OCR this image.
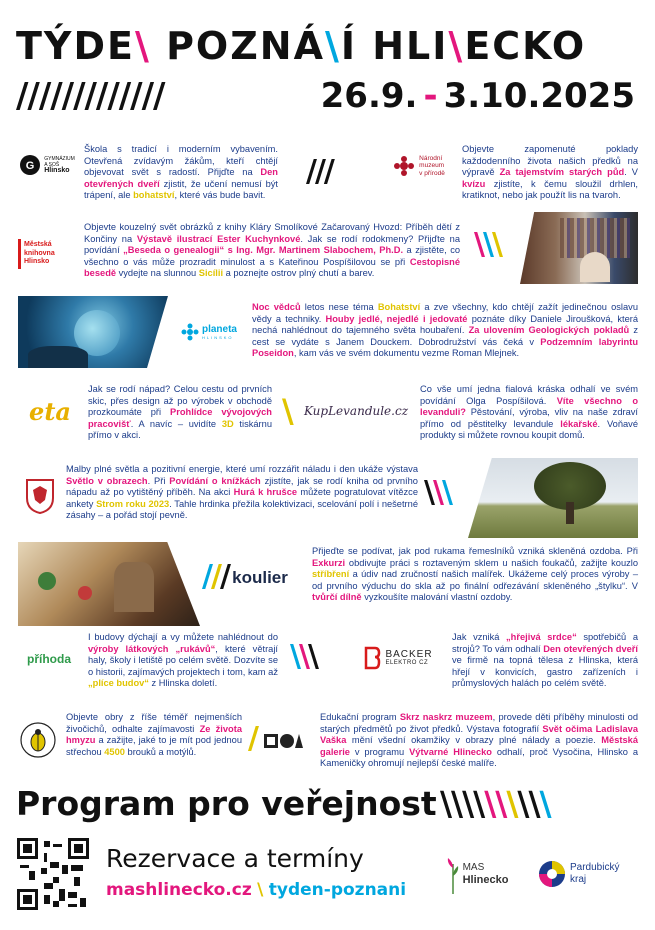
TÝDE\ POZNÁ\Í HLI\ECKO
/////////////	26.9. - 3.10.2025
G
GYMNÁZIUM
A SOŠ
Hlinsko
Škola s tradicí i moderním vybavením. Otevřená zvídavým žákům, kteří chtějí objevovat svět s radostí. Přijďte na Den otevřených dveří zjistit, že učení nemusí být trápení, ale bohatství, které vás bude bavit.
///	Národní
muzeum
v přírodě
Objevte zapomenuté poklady každodenního života našich předků na výpravě Za tajemstvím starých půd. V kvízu zjistíte, k čemu sloužil drhlen, kratiknot, nebo jak použít lis na tvaroh.
Městská
knihovna
Hlinsko
Objevte kouzelný svět obrázků z knihy Kláry Smolíkové Začarovaný Hvozd: Příběh dětí z Končiny na Výstavě ilustrací Ester Kuchynkové. Jak se rodí rodokmeny? Přijďte na povídání „Beseda o genealogii“ s Ing. Mgr. Martinem Slabochem, Ph.D. a zjistěte, co všechno o vás může prozradit minulost a s Kateřinou Pospíšilovou se při Cestopisné besedě vydejte na slunnou Sicílii a poznejte ostrov plný chutí a barev.
\\\
planeta
HLINSKO
Noc vědců letos nese téma Bohatství a zve všechny, kdo chtějí zažít jedinečnou oslavu vědy a techniky. Houby jedlé, nejedlé i jedovaté poznáte díky Daniele Jiroušková, která nechá nahlédnout do tajemného světa houbaření. Za ulovením Geologických pokladů z cest se vydáte s Janem Douckem. Dobrodružství vás čeká v Podzemním labyrintu Poseidon, kam vás ve svém dokumentu vezme Roman Mlejnek.
eta
Jak se rodí nápad? Celou cestu od prvních skic, přes design až po výrobek v obchodě prozkoumáte při Prohlídce vývojových pracovišť. A navíc – uvidíte 3D tiskárnu přímo v akci.
\ KupLevandule.cz
Co vše umí jedna fialová kráska odhalí ve svém povídání Olga Pospíšilová. Víte všechno o levanduli? Pěstování, výroba, vliv na naše zdraví přímo od pěstitelky levandule lékařské. Voňavé produkty si můžete rovnou koupit domů.
Malby plné světla a pozitivní energie, které umí rozzářit náladu i den ukáže výstava Světlo v obrazech. Při Povídání o knížkách zjistíte, jak se rodí kniha od prvního nápadu až po vytištěný příběh. Na akci Hurá k hrušce můžete pogratulovat vítězce ankety Strom roku 2023. Tahle hrdinka přežila kolektivizaci, scelování polí i nešetrné zásahy – a pořád stojí pevně.
\\\
/// koulier
Přijeďte se podívat, jak pod rukama řemeslníků vzniká skleněná ozdoba. Při Exkurzi obdivujte práci s roztaveným sklem u našich foukačů, zažijte kouzlo stříbření a údiv nad zručností našich malířek. Ukážeme celý proces výroby – od prvního výduchu do skla až po finální odřezávání skleněného „štylku“. V tvůrčí dílně vyzkoušíte malování vlastní ozdoby.
příhoda
I budovy dýchají a vy můžete nahlédnout do výroby látkových „rukávů“, které větrají haly, školy i letiště po celém světě. Dozvíte se o historii, zajímavých projektech i tom, kam až „plíce budov“ z Hlinska doletí.
\\\	BACKER
ELEKTRO CZ
Jak vzniká „hřejivá srdce“ spotřebičů a strojů? To vám odhalí Den otevřených dveří ve firmě na topná tělesa z Hlinska, která hřejí v konvicích, gastro zařízeních i průmyslových halách po celém světě.
Objevte obry z říše téměř nejmenších živočichů, odhalte zajímavosti Ze života hmyzu a zažijte, jaké to je mít pod jednou střechou 4500 brouků a motýlů.	/
Edukační program Skrz naskrz muzeem, provede děti příběhy minulosti od starých předmětů po život předků. Výstava fotografií Svět očima Ladislava Vaška mění všední okamžiky v obrazy plné nálady a poezie. Městská galerie v programu Výtvarné Hlinecko odhalí, proč Vysočina, Hlinsko a Kameničky ohromují nejlepší české malíře.
Program pro veřejnost \\\\\\\\\\
Rezervace a termíny
mashlinecko.cz \ tyden-poznani
MAS
Hlinecko
Pardubický
kraj
